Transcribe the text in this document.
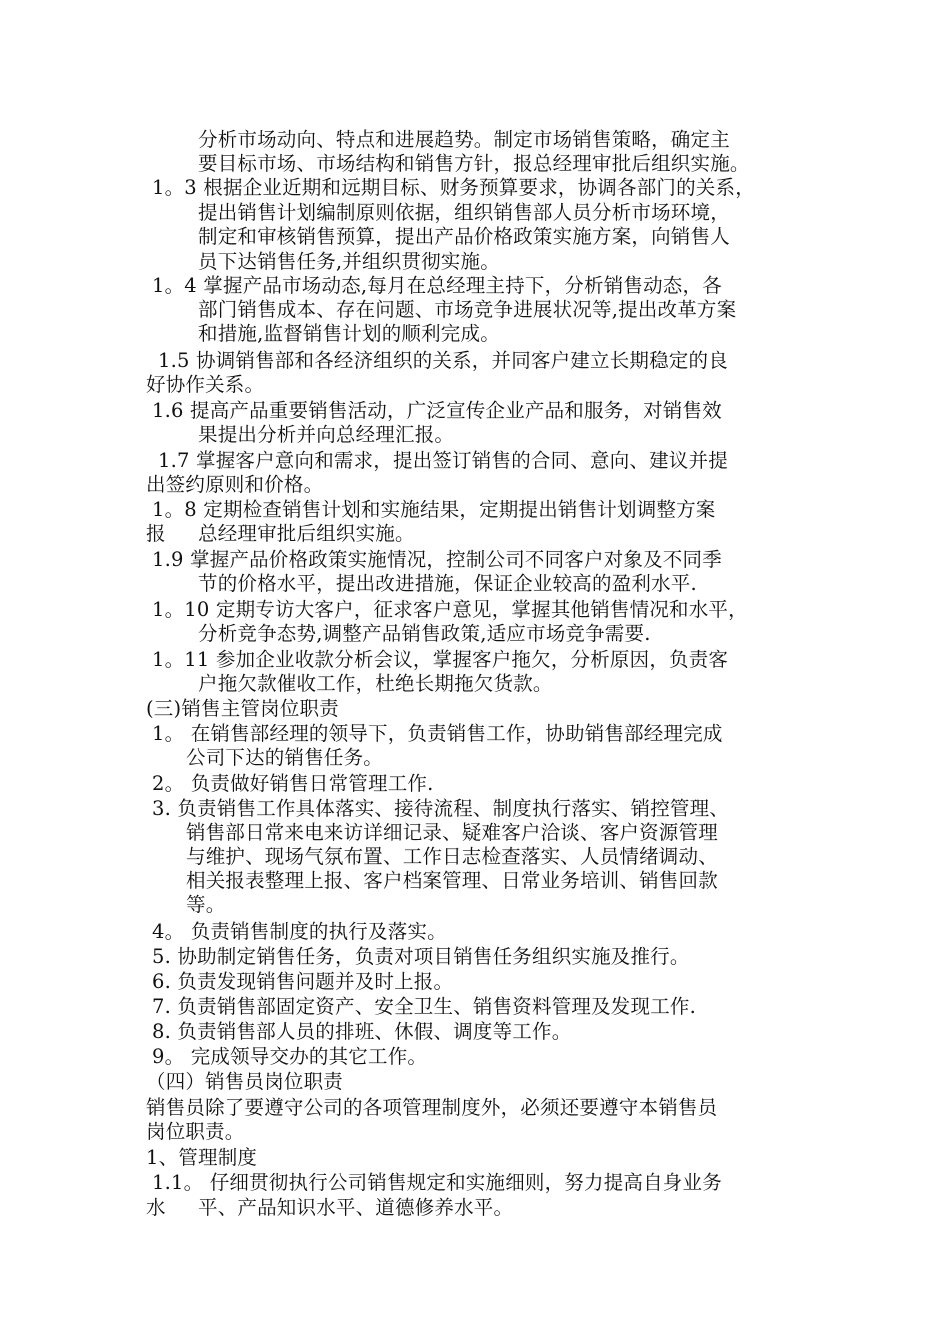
分析市场动向、特点和进展趋势。制定市场销售策略，确定主
要目标市场、市场结构和销售方针，报总经理审批后组织实施。
1。3 根据企业近期和远期目标、财务预算要求，协调各部门的关系，
提出销售计划编制原则依据，组织销售部人员分析市场环境，
制定和审核销售预算，提出产品价格政策实施方案，向销售人
员下达销售任务,并组织贯彻实施。
1。4 掌握产品市场动态,每月在总经理主持下，分析销售动态，各
部门销售成本、存在问题、市场竞争进展状况等,提出改革方案
和措施,监督销售计划的顺利完成。
1.5 协调销售部和各经济组织的关系，并同客户建立长期稳定的良
好协作关系。
1.6 提高产品重要销售活动，广泛宣传企业产品和服务，对销售效
果提出分析并向总经理汇报。
1.7 掌握客户意向和需求，提出签订销售的合同、意向、建议并提
出签约原则和价格。
1。8 定期检查销售计划和实施结果，定期提出销售计划调整方案
报 总经理审批后组织实施。
1.9 掌握产品价格政策实施情况，控制公司不同客户对象及不同季
节的价格水平，提出改进措施，保证企业较高的盈利水平.
1。10 定期专访大客户，征求客户意见，掌握其他销售情况和水平，
分析竞争态势,调整产品销售政策,适应市场竞争需要.
1。11 参加企业收款分析会议，掌握客户拖欠，分析原因，负责客
户拖欠款催收工作，杜绝长期拖欠货款。
(三)销售主管岗位职责
1。 在销售部经理的领导下，负责销售工作，协助销售部经理完成
公司下达的销售任务。
2。 负责做好销售日常管理工作.
3. 负责销售工作具体落实、接待流程、制度执行落实、销控管理、
销售部日常来电来访详细记录、疑难客户洽谈、客户资源管理
与维护、现场气氛布置、工作日志检查落实、人员情绪调动、
相关报表整理上报、客户档案管理、日常业务培训、销售回款
等。
4。 负责销售制度的执行及落实。
5. 协助制定销售任务，负责对项目销售任务组织实施及推行。
6. 负责发现销售问题并及时上报。
7. 负责销售部固定资产、安全卫生、销售资料管理及发现工作.
8. 负责销售部人员的排班、休假、调度等工作。
9。 完成领导交办的其它工作。
（四）销售员岗位职责
销售员除了要遵守公司的各项管理制度外，必须还要遵守本销售员
岗位职责。
1、管理制度
1.1。 仔细贯彻执行公司销售规定和实施细则，努力提高自身业务
水 平、产品知识水平、道德修养水平。
